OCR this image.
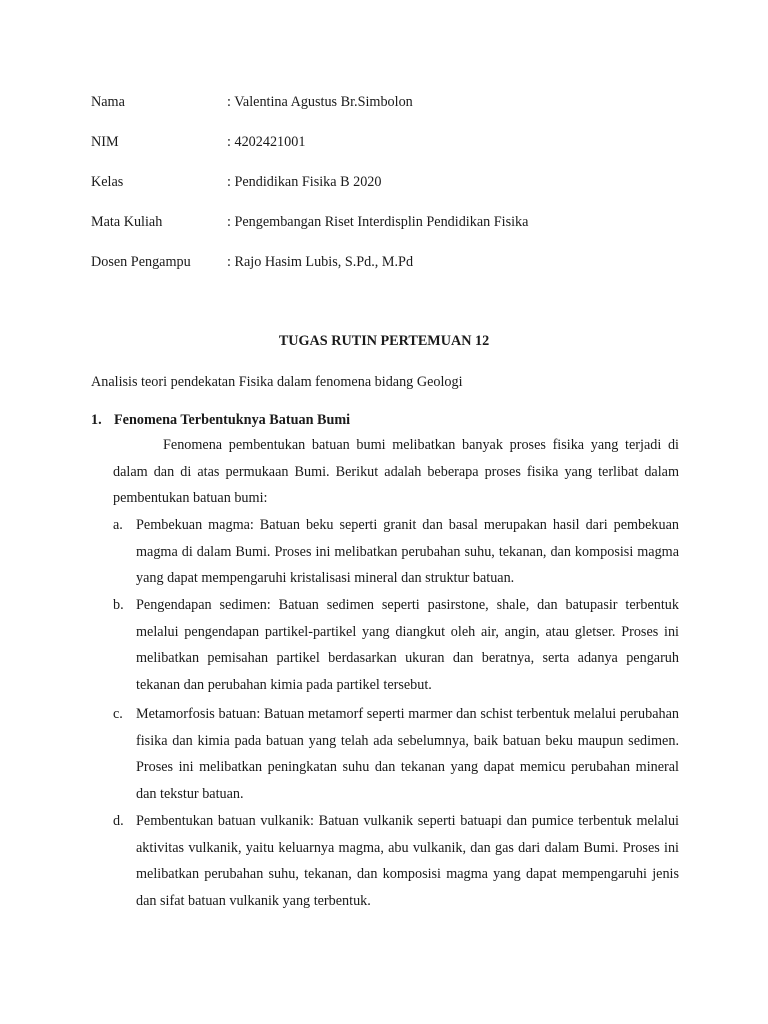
Nama	: Valentina Agustus Br.Simbolon
NIM	: 4202421001
Kelas	: Pendidikan Fisika B 2020
Mata Kuliah	: Pengembangan Riset Interdisplin Pendidikan Fisika
Dosen Pengampu	: Rajo Hasim Lubis, S.Pd., M.Pd
TUGAS RUTIN PERTEMUAN 12
Analisis teori pendekatan Fisika dalam fenomena bidang Geologi
1. Fenomena Terbentuknya Batuan Bumi
Fenomena pembentukan batuan bumi melibatkan banyak proses fisika yang terjadi di dalam dan di atas permukaan Bumi. Berikut adalah beberapa proses fisika yang terlibat dalam pembentukan batuan bumi:
a. Pembekuan magma: Batuan beku seperti granit dan basal merupakan hasil dari pembekuan magma di dalam Bumi. Proses ini melibatkan perubahan suhu, tekanan, dan komposisi magma yang dapat mempengaruhi kristalisasi mineral dan struktur batuan.
b. Pengendapan sedimen: Batuan sedimen seperti pasirstone, shale, dan batupasir terbentuk melalui pengendapan partikel-partikel yang diangkut oleh air, angin, atau gletser. Proses ini melibatkan pemisahan partikel berdasarkan ukuran dan beratnya, serta adanya pengaruh tekanan dan perubahan kimia pada partikel tersebut.
c. Metamorfosis batuan: Batuan metamorf seperti marmer dan schist terbentuk melalui perubahan fisika dan kimia pada batuan yang telah ada sebelumnya, baik batuan beku maupun sedimen. Proses ini melibatkan peningkatan suhu dan tekanan yang dapat memicu perubahan mineral dan tekstur batuan.
d. Pembentukan batuan vulkanik: Batuan vulkanik seperti batuapi dan pumice terbentuk melalui aktivitas vulkanik, yaitu keluarnya magma, abu vulkanik, dan gas dari dalam Bumi. Proses ini melibatkan perubahan suhu, tekanan, dan komposisi magma yang dapat mempengaruhi jenis dan sifat batuan vulkanik yang terbentuk.
